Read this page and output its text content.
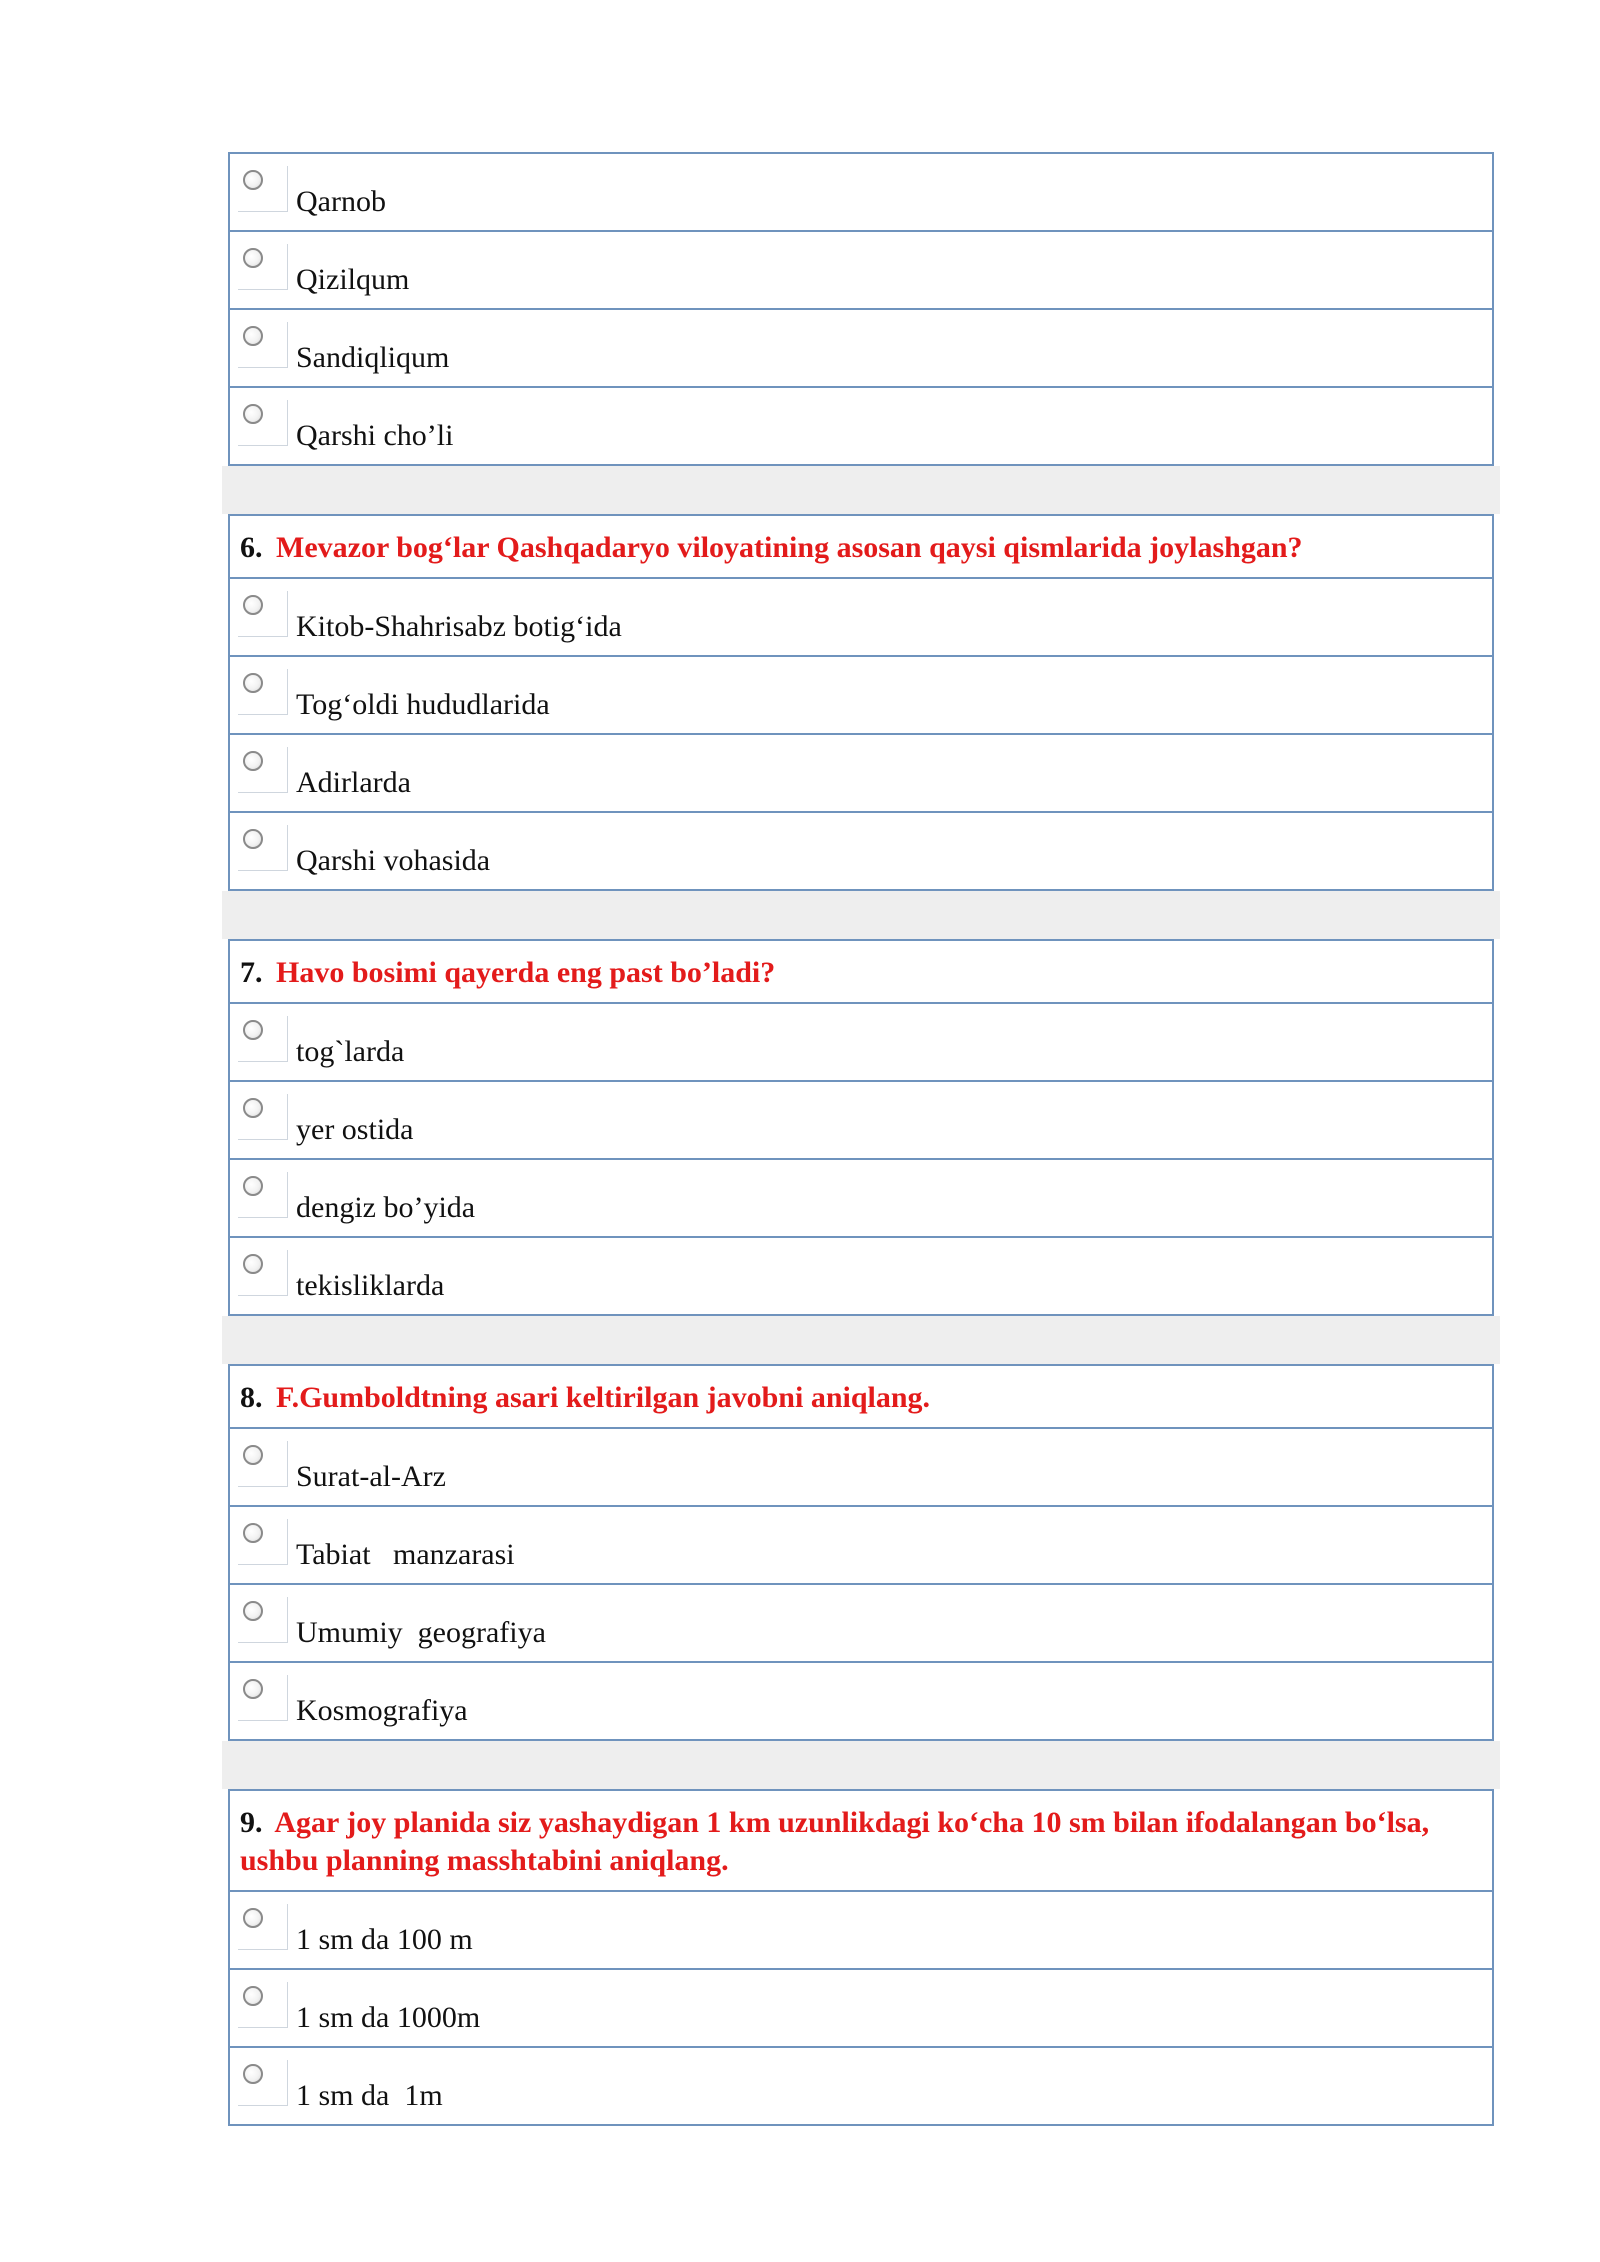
Qarnob
Qizilqum
Sandiqliqum
Qarshi cho’li
6. Mevazor bog‘lar Qashqadaryo viloyatining asosan qaysi qismlarida joylashgan?
Kitob-Shahrisabz botig‘ida
Tog‘oldi hududlarida
Adirlarda
Qarshi vohasida
7. Havo bosimi qayerda eng past bo’ladi?
tog`larda
yer ostida
dengiz bo’yida
tekisliklarda
8. F.Gumboldtning asari keltirilgan javobni aniqlang.
Surat-al-Arz
Tabiat   manzarasi
Umumiy  geografiya
Kosmografiya
9. Agar joy planida siz yashaydigan 1 km uzunlikdagi ko‘cha 10 sm bilan ifodalangan bo‘lsa, ushbu planning masshtabini aniqlang.
1 sm da 100 m
1 sm da 1000m
1 sm da  1m
